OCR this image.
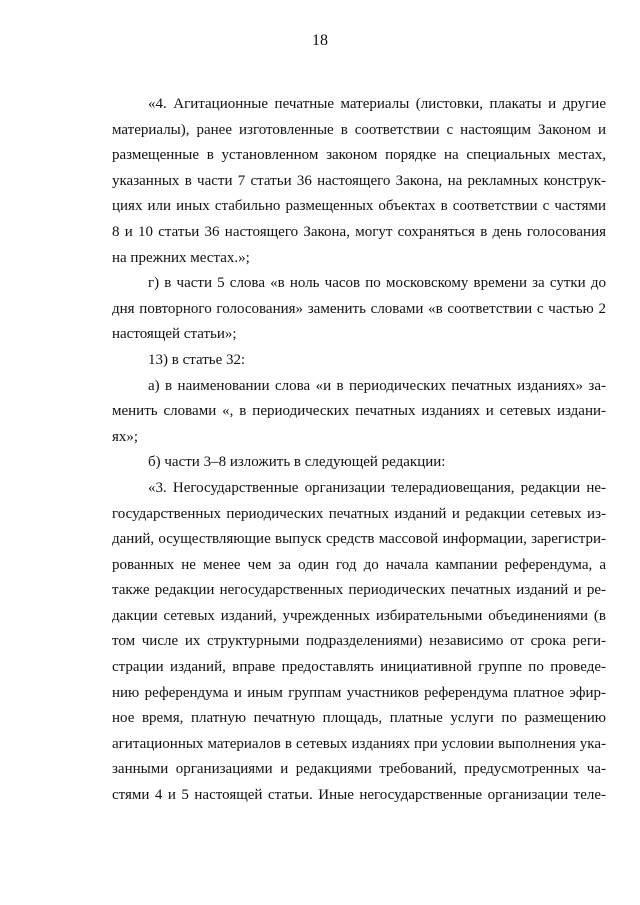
18
«4. Агитационные печатные материалы (листовки, плакаты и другие
материалы), ранее изготовленные в соответствии с настоящим Законом и
размещенные в установленном законом порядке на специальных местах,
указанных в части 7 статьи 36 настоящего Закона, на рекламных конструк-
циях или иных стабильно размещенных объектах в соответствии с частями
8 и 10 статьи 36 настоящего Закона, могут сохраняться в день голосования
на прежних местах.»;
г) в части 5 слова «в ноль часов по московскому времени за сутки до
дня повторного голосования» заменить словами «в соответствии с частью 2
настоящей статьи»;
13) в статье 32:
а) в наименовании слова «и в периодических печатных изданиях» за-
менить словами «, в периодических печатных изданиях и сетевых издани-
ях»;
б) части 3–8 изложить в следующей редакции:
«3. Негосударственные организации телерадиовещания, редакции не-
государственных периодических печатных изданий и редакции сетевых из-
даний, осуществляющие выпуск средств массовой информации, зарегистри-
рованных не менее чем за один год до начала кампании референдума, а
также редакции негосударственных периодических печатных изданий и ре-
дакции сетевых изданий, учрежденных избирательными объединениями (в
том числе их структурными подразделениями) независимо от срока реги-
страции изданий, вправе предоставлять инициативной группе по проведе-
нию референдума и иным группам участников референдума платное эфир-
ное время, платную печатную площадь, платные услуги по размещению
агитационных материалов в сетевых изданиях при условии выполнения ука-
занными организациями и редакциями требований, предусмотренных ча-
стями 4 и 5 настоящей статьи. Иные негосударственные организации теле-
